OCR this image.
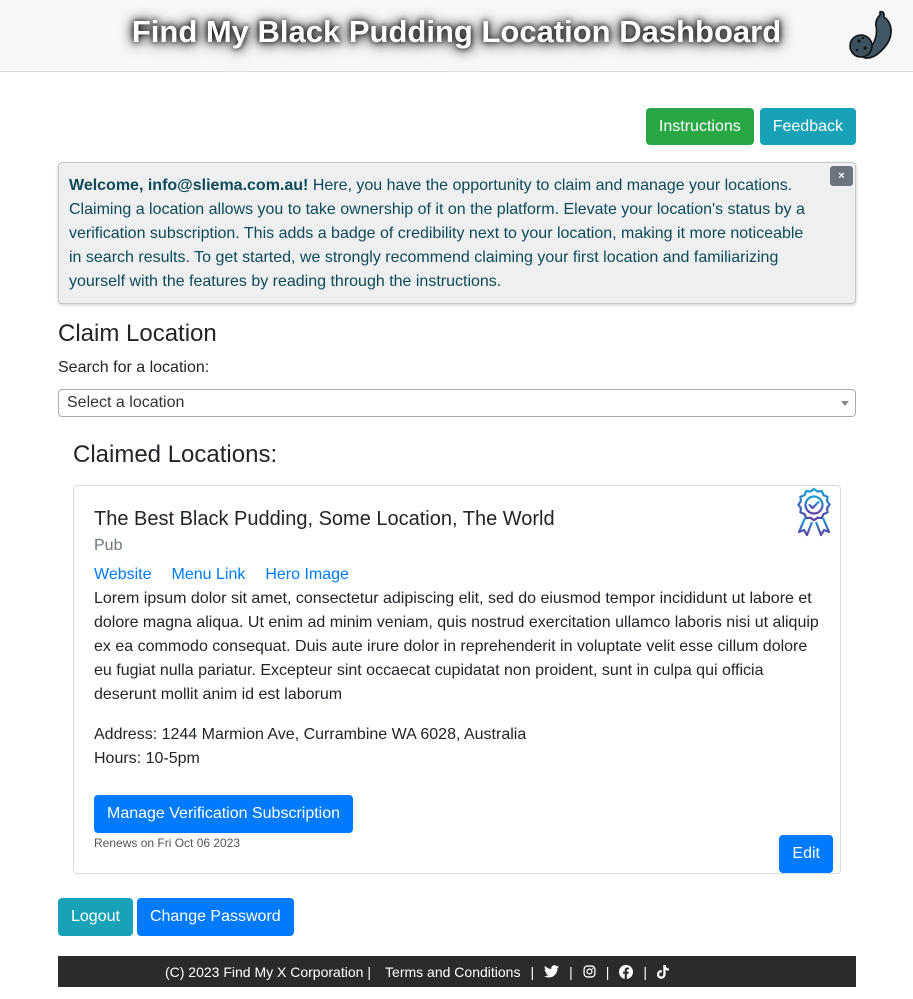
Find My Black Pudding Location Dashboard
Instructions	Feedback
Welcome, info@sliema.com.au! Here, you have the opportunity to claim and manage your locations. Claiming a location allows you to take ownership of it on the platform. Elevate your location's status by a verification subscription. This adds a badge of credibility next to your location, making it more noticeable in search results. To get started, we strongly recommend claiming your first location and familiarizing yourself with the features by reading through the instructions.
×
Claim Location
Search for a location:
Select a location
Claimed Locations:
The Best Black Pudding, Some Location, The World
Pub
Website Menu Link Hero Image

Lorem ipsum dolor sit amet, consectetur adipiscing elit, sed do eiusmod tempor incididunt ut labore et dolore magna aliqua. Ut enim ad minim veniam, quis nostrud exercitation ullamco laboris nisi ut aliquip ex ea commodo consequat. Duis aute irure dolor in reprehenderit in voluptate velit esse cillum dolore eu fugiat nulla pariatur. Excepteur sint occaecat cupidatat non proident, sunt in culpa qui officia deserunt mollit anim id est laborum

Address: 1244 Marmion Ave, Currambine WA 6028, Australia
Hours: 10-5pm
Manage Verification Subscription
Renews on Fri Oct 06 2023
Edit
Logout	Change Password
(C) 2023 Find My X Corporation | Terms and Conditions |	| | |
